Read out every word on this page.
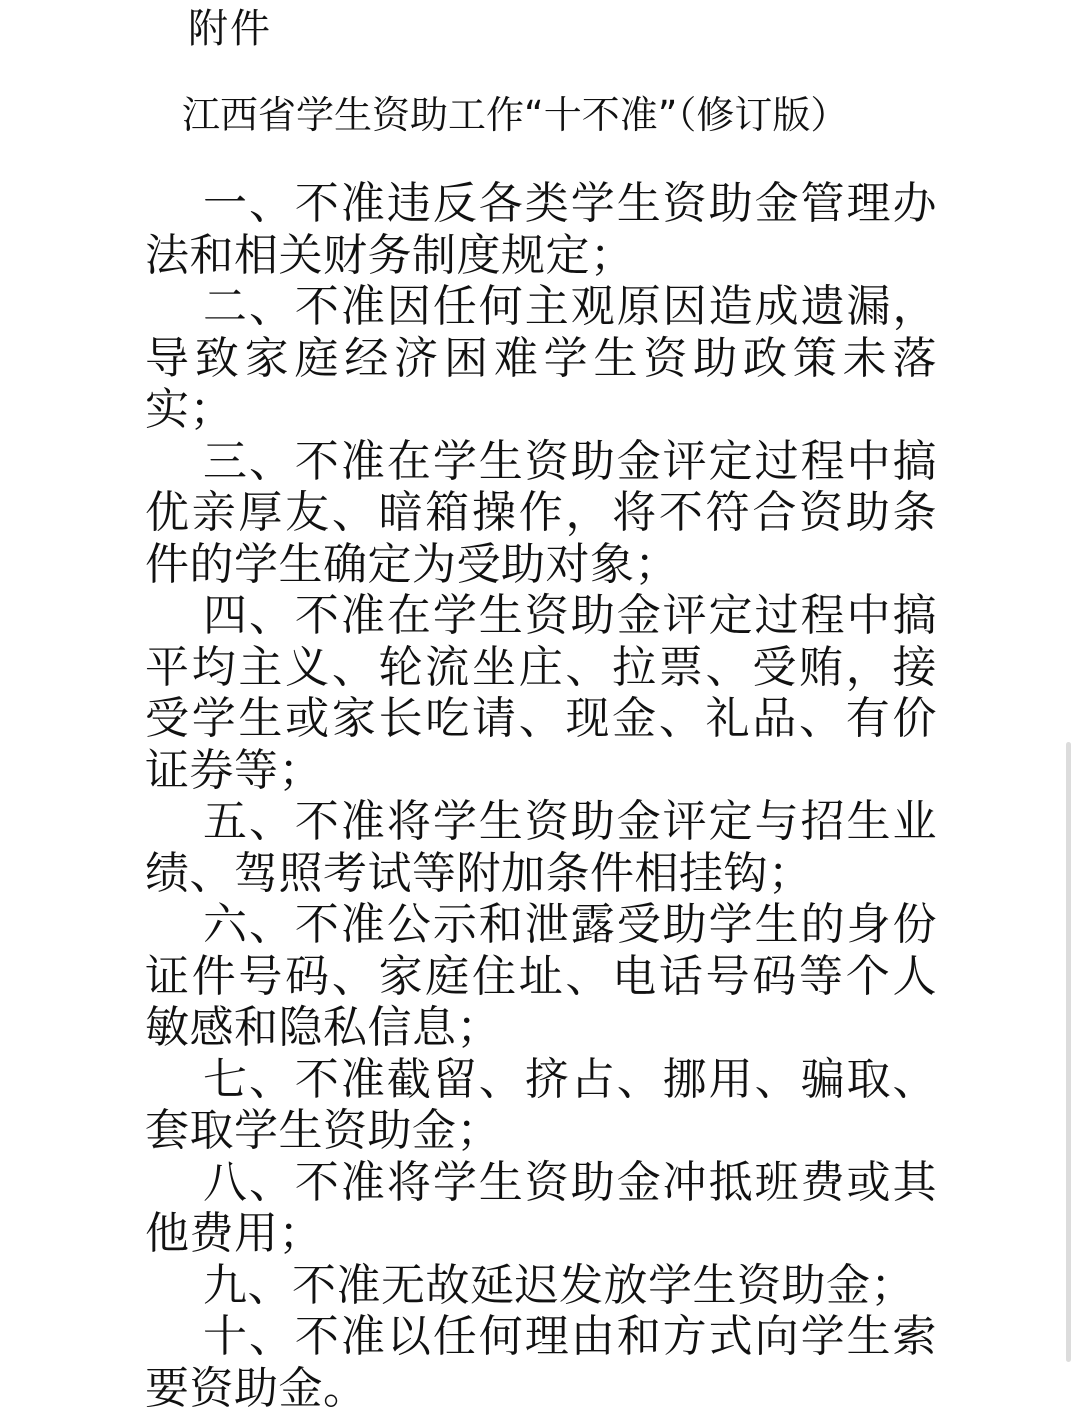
附件
江西省学生资助工作“十不准”（修订版）

一、不准违反各类学生资助金管理办法和相关财务制度规定；

二、不准因任何主观原因造成遗漏，导致家庭经济困难学生资助政策未落实；

三、不准在学生资助金评定过程中搞优亲厚友、暗箱操作，将不符合资助条件的学生确定为受助对象；

四、不准在学生资助金评定过程中搞平均主义、轮流坐庄、拉票、受贿，接受学生或家长吃请、现金、礼品、有价证券等；

五、不准将学生资助金评定与招生业绩、驾照考试等附加条件相挂钩；

六、不准公示和泄露受助学生的身份证件号码、家庭住址、电话号码等个人敏感和隐私信息；

七、不准截留、挤占、挪用、骗取、套取学生资助金；

八、不准将学生资助金冲抵班费或其他费用；

九、不准无故延迟发放学生资助金；

十、不准以任何理由和方式向学生索要资助金。
